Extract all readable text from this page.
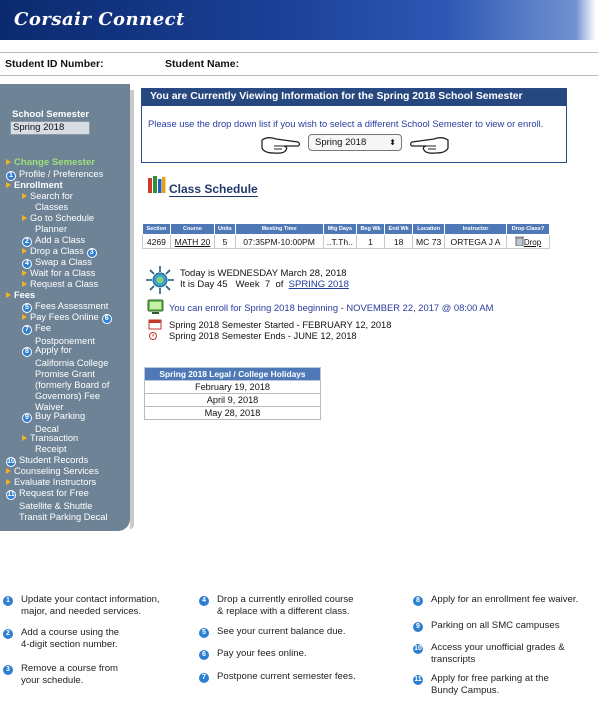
Corsair Connect
Student ID Number:	Student Name:
School Semester
Spring 2018
Change Semester
1 Profile / Preferences
Enrollment
Search for
Classes
Go to Schedule
Planner
2 Add a Class
Drop a Class 3
4 Swap a Class
Wait for a Class
Request a Class
Fees
5 Fees Assessment
Pay Fees Online 6
7 Fee
Postponement
8 Apply for
California College
Promise Grant
(formerly Board of
Governors) Fee
Waiver
9 Buy Parking
Decal
Transaction
Receipt
10 Student Records
Counseling Services
Evaluate Instructors
11 Request for Free
Satellite & Shuttle
Transit Parking Decal
You are Currently Viewing Information for the Spring 2018 School Semester
Please use the drop down list if you wish to select a different School Semester to view or enroll.
Spring 2018	⬍
Class Schedule
Section	Course	Units	Meeting Time	Mtg Days	Beg Wk	End Wk	Location	Instructor	Drop Class?
4269	MATH 20	5	07:35PM-10:00PM	..T.Th..	1	18	MC 73	ORTEGA J A	Drop
Today is WEDNESDAY March 28, 2018
It is Day 45 Week 7 of SPRING 2018
You can enroll for Spring 2018 beginning - NOVEMBER 22, 2017 @ 08:00 AM
Spring 2018 Semester Started - FEBRUARY 12, 2018
Spring 2018 Semester Ends - JUNE 12, 2018
Spring 2018 Legal / College Holidays
February 19, 2018
April 9, 2018
May 28, 2018
1	Update your contact information,
major, and needed services.
2	Add a course using the
4-digit section number.
3	Remove a course from
your schedule.
4	Drop a currently enrolled course
& replace with a different class.
5	See your current balance due.
6	Pay your fees online.
7	Postpone current semester fees.
8	Apply for an enrollment fee waiver.
9	Parking on all SMC campuses
10 Access your unofficial grades &
transcripts
11 Apply for free parking at the
Bundy Campus.
